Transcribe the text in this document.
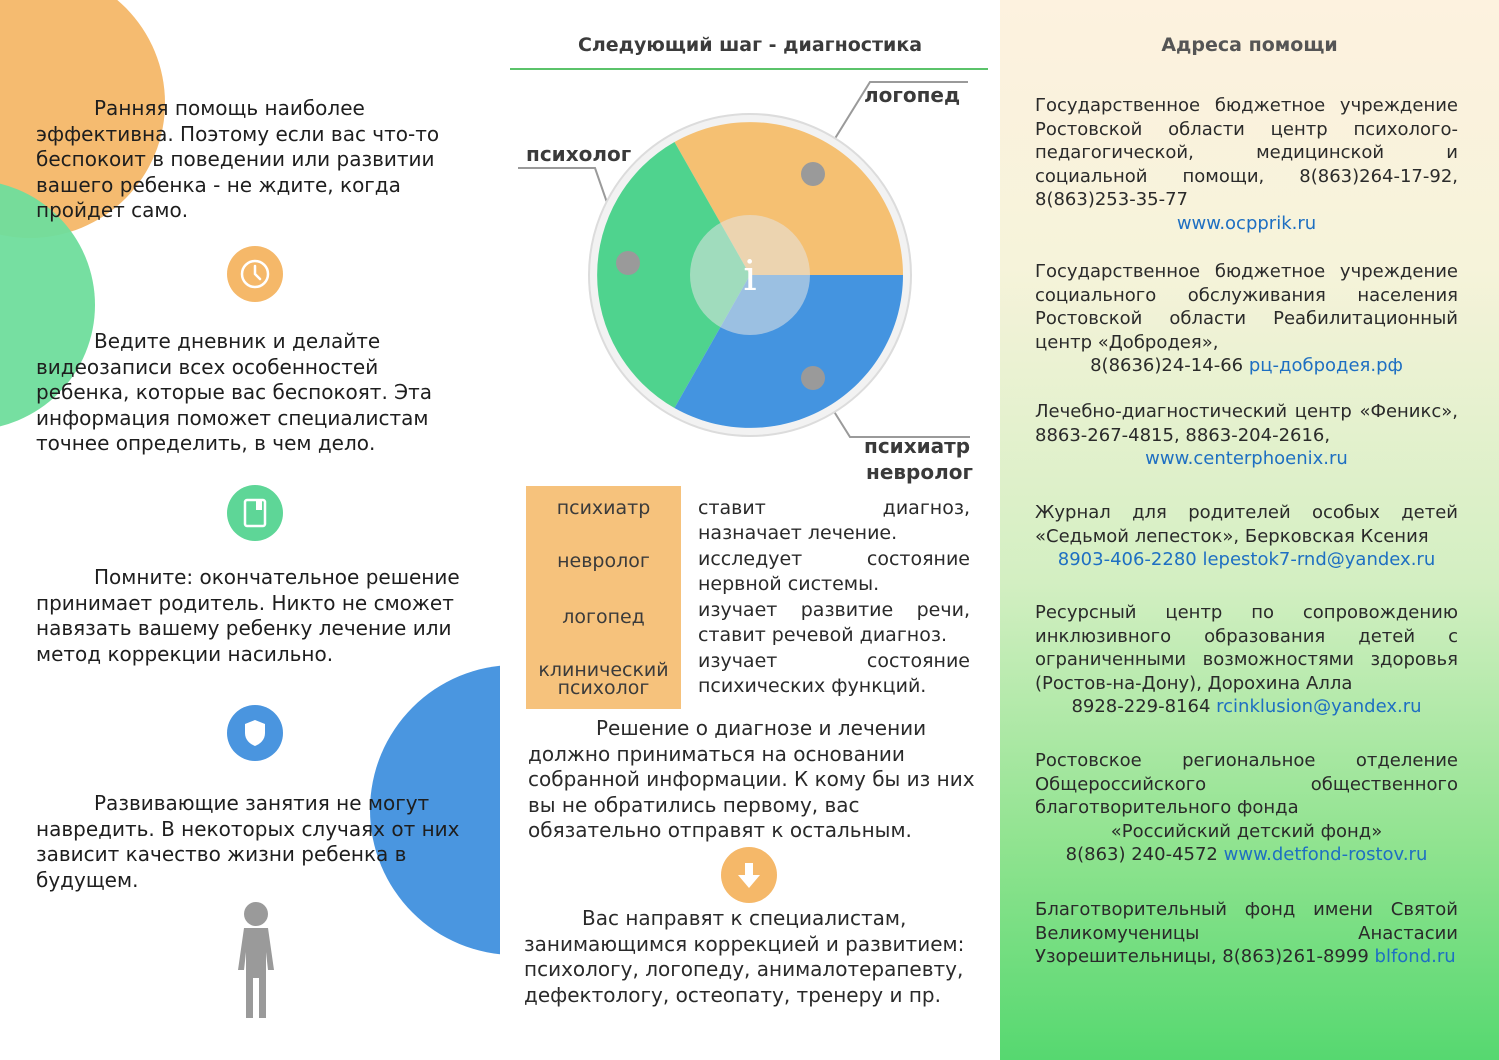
Ранняя помощь наиболее эффективна. Поэтому если вас что-то беспокоит в поведении или развитии вашего ребенка - не ждите, когда пройдет само.
Ведите дневник и делайте видеозаписи всех особенностей ребенка, которые вас беспокоят. Эта информация поможет специалистам точнее определить, в чем дело.
Помните: окончательное решение принимает родитель. Никто не сможет навязать вашему ребенку лечение или метод коррекции насильно.
Развивающие занятия не могут навредить. В некоторых случаях от них зависит качество жизни ребенка в будущем.
Следующий шаг - диагностика
i
психолог
логопед
психиатр
невролог
психиатр
невролог
логопед
клинический
психолог
ставит диагноз,
назначает лечение.
исследует состояние
нервной системы.
изучает развитие речи,
ставит речевой диагноз.
изучает состояние
психических функций.
Решение о диагнозе и лечении должно приниматься на основании собранной информации. К кому бы из них вы не обратились первому, вас обязательно отправят к остальным.
Вас направят к специалистам, занимающимся коррекцией и развитием: психологу, логопеду, анималотерапевту, дефектологу, остеопату, тренеру и пр.
Адреса помощи
Государственное бюджетное учреждение Ростовской области центр психолого-педагогической, медицинской и социальной помощи, 8(863)264-17-92, 8(863)253-35-77
www.ocpprik.ru
Государственное бюджетное учреждение социального обслуживания населения Ростовской области Реабилитационный центр «Добродея»,
8(8636)24-14-66 рц-добродея.рф
Лечебно-диагностический центр «Феникс», 8863-267-4815, 8863-204-2616,
www.centerphoenix.ru
Журнал для родителей особых детей «Седьмой лепесток», Берковская Ксения
8903-406-2280 lepestok7-rnd@yandex.ru
Ресурсный центр по сопровождению инклюзивного образования детей с ограниченными возможностями здоровья (Ростов-на-Дону), Дорохина Алла
8928-229-8164 rcinklusion@yandex.ru
Ростовское региональное отделение Общероссийского общественного благотворительного фонда
«Российский детский фонд»
8(863) 240-4572 www.detfond-rostov.ru
Благотворительный фонд имени Святой Великомученицы Анастасии Узорешительницы, 8(863)261-8999 blfond.ru
